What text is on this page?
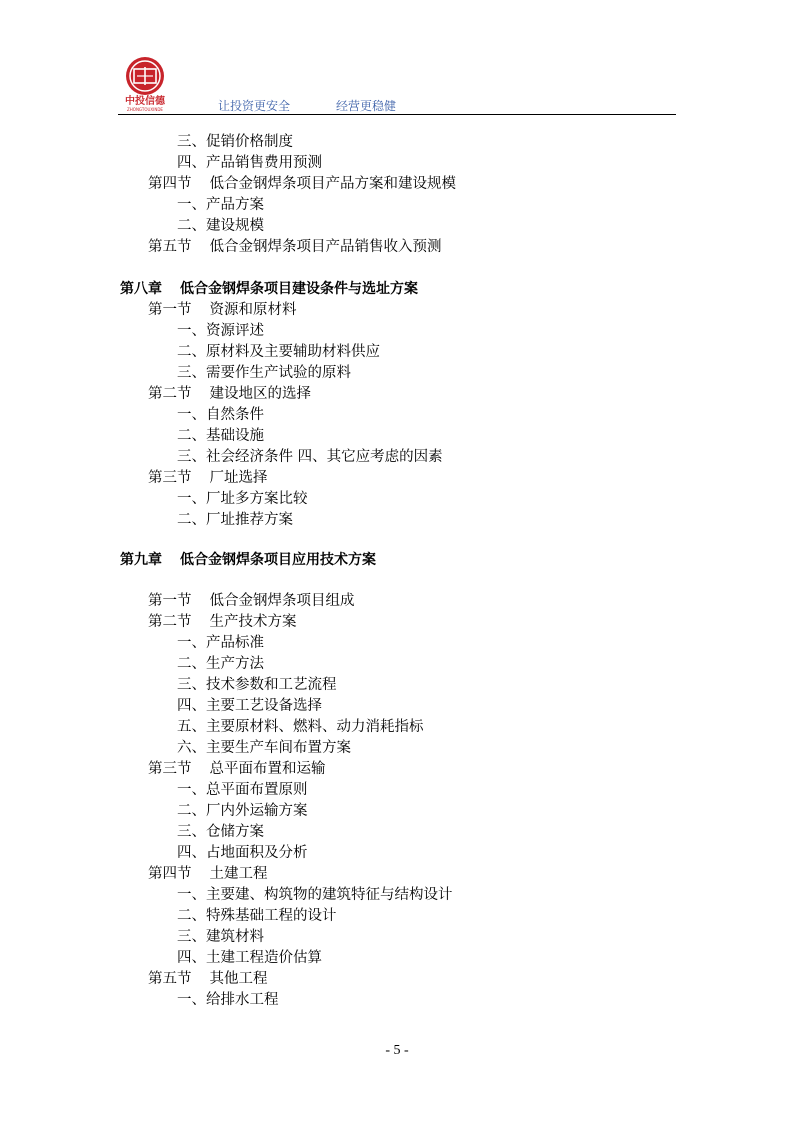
中投信德
ZHONGTOUXINDE	让投资更安全	经营更稳健
三、促销价格制度
四、产品销售费用预测
第四节 低合金钢焊条项目产品方案和建设规模
一、产品方案
二、建设规模
第五节 低合金钢焊条项目产品销售收入预测
第八章 低合金钢焊条项目建设条件与选址方案
第一节 资源和原材料
一、资源评述
二、原材料及主要辅助材料供应
三、需要作生产试验的原料
第二节 建设地区的选择
一、自然条件
二、基础设施
三、社会经济条件 四、其它应考虑的因素
第三节 厂址选择
一、厂址多方案比较
二、厂址推荐方案
第九章 低合金钢焊条项目应用技术方案
第一节 低合金钢焊条项目组成
第二节 生产技术方案
一、产品标准
二、生产方法
三、技术参数和工艺流程
四、主要工艺设备选择
五、主要原材料、燃料、动力消耗指标
六、主要生产车间布置方案
第三节 总平面布置和运输
一、总平面布置原则
二、厂内外运输方案
三、仓储方案
四、占地面积及分析
第四节 土建工程
一、主要建、构筑物的建筑特征与结构设计
二、特殊基础工程的设计
三、建筑材料
四、土建工程造价估算
第五节 其他工程
一、给排水工程
- 5 -
